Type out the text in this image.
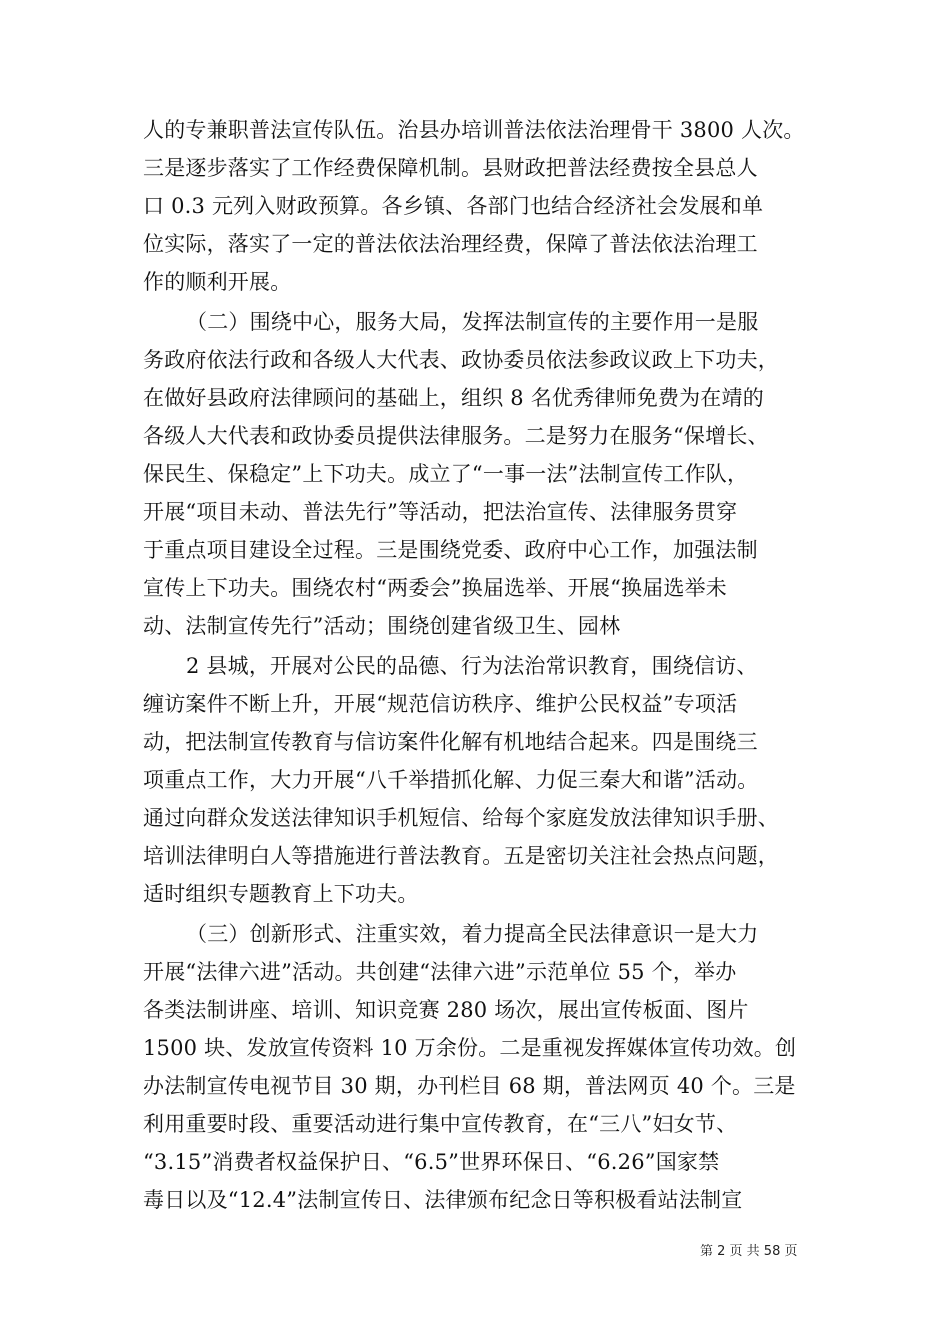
人的专兼职普法宣传队伍。治县办培训普法依法治理骨干 3800 人次。
三是逐步落实了工作经费保障机制。县财政把普法经费按全县总人
口 0.3 元列入财政预算。各乡镇、各部门也结合经济社会发展和单
位实际，落实了一定的普法依法治理经费，保障了普法依法治理工
作的顺利开展。
（二）围绕中心，服务大局，发挥法制宣传的主要作用一是服
务政府依法行政和各级人大代表、政协委员依法参政议政上下功夫，
在做好县政府法律顾问的基础上，组织 8 名优秀律师免费为在靖的
各级人大代表和政协委员提供法律服务。二是努力在服务“保增长、
保民生、保稳定”上下功夫。成立了“一事一法”法制宣传工作队，
开展“项目未动、普法先行”等活动，把法治宣传、法律服务贯穿
于重点项目建设全过程。三是围绕党委、政府中心工作，加强法制
宣传上下功夫。围绕农村“两委会”换届选举、开展“换届选举未
动、法制宣传先行”活动；围绕创建省级卫生、园林
2 县城，开展对公民的品德、行为法治常识教育，围绕信访、
缠访案件不断上升，开展“规范信访秩序、维护公民权益”专项活
动，把法制宣传教育与信访案件化解有机地结合起来。四是围绕三
项重点工作，大力开展“八千举措抓化解、力促三秦大和谐”活动。
通过向群众发送法律知识手机短信、给每个家庭发放法律知识手册、
培训法律明白人等措施进行普法教育。五是密切关注社会热点问题，
适时组织专题教育上下功夫。
（三）创新形式、注重实效，着力提高全民法律意识一是大力
开展“法律六进”活动。共创建“法律六进”示范单位 55 个，举办
各类法制讲座、培训、知识竞赛 280 场次，展出宣传板面、图片
1500 块、发放宣传资料 10 万余份。二是重视发挥媒体宣传功效。创
办法制宣传电视节目 30 期，办刊栏目 68 期，普法网页 40 个。三是
利用重要时段、重要活动进行集中宣传教育，在“三八”妇女节、
“3.15”消费者权益保护日、“6.5”世界环保日、“6.26”国家禁
毒日以及“12.4”法制宣传日、法律颁布纪念日等积极看站法制宣
第 2 页 共 58 页
